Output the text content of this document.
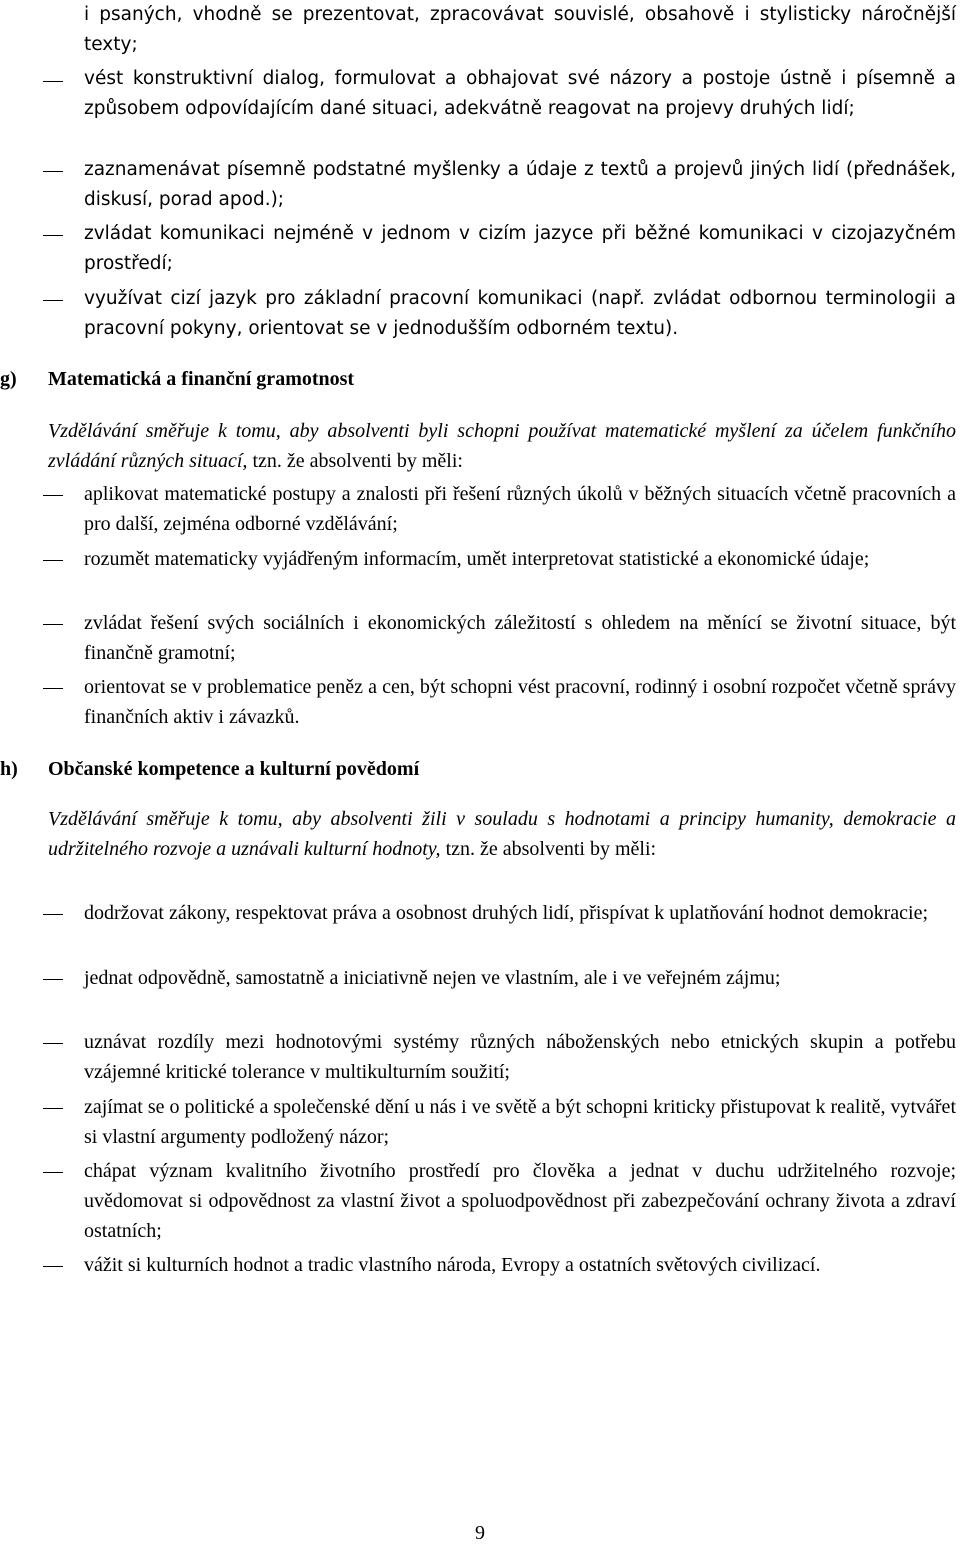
i psaných, vhodně se prezentovat, zpracovávat souvislé, obsahově i stylisticky náročnější texty;
vést konstruktivní dialog, formulovat a obhajovat své názory a postoje ústně i písemně a způsobem odpovídajícím dané situaci, adekvátně reagovat na projevy druhých lidí;
zaznamenávat písemně podstatné myšlenky a údaje z textů a projevů jiných lidí (přednášek, diskusí, porad apod.);
zvládat komunikaci nejméně v jednom v cizím jazyce při běžné komunikaci v cizojazyčném prostředí;
využívat cizí jazyk pro základní pracovní komunikaci (např. zvládat odbornou terminologii a pracovní pokyny, orientovat se v jednodušším odborném textu).
g) Matematická a finanční gramotnost
Vzdělávání směřuje k tomu, aby absolventi byli schopni používat matematické myšlení za účelem funkčního zvládání různých situací, tzn. že absolventi by měli:
aplikovat matematické postupy a znalosti při řešení různých úkolů v běžných situacích včetně pracovních a pro další, zejména odborné vzdělávání;
rozumět matematicky vyjádřeným informacím, umět interpretovat statistické a ekonomické údaje;
zvládat řešení svých sociálních i ekonomických záležitostí s ohledem na měnící se životní situace, být finančně gramotní;
orientovat se v problematice peněz a cen, být schopni vést pracovní, rodinný i osobní rozpočet včetně správy finančních aktiv i závazků.
h) Občanské kompetence a kulturní povědomí
Vzdělávání směřuje k tomu, aby absolventi žili v souladu s hodnotami a principy humanity, demokracie a udržitelného rozvoje a uznávali kulturní hodnoty, tzn. že absolventi by měli:
dodržovat zákony, respektovat práva a osobnost druhých lidí, přispívat k uplatňování hodnot demokracie;
jednat odpovědně, samostatně a iniciativně nejen ve vlastním, ale i ve veřejném zájmu;
uznávat rozdíly mezi hodnotovými systémy různých náboženských nebo etnických skupin a potřebu vzájemné kritické tolerance v multikulturním soužití;
zajímat se o politické a společenské dění u nás i ve světě a být schopni kriticky přistupovat k realitě, vytvářet si vlastní argumenty podložený názor;
chápat význam kvalitního životního prostředí pro člověka a jednat v duchu udržitelného rozvoje; uvědomovat si odpovědnost za vlastní život a spoluodpovědnost při zabezpečování ochrany života a zdraví ostatních;
vážit si kulturních hodnot a tradic vlastního národa, Evropy a ostatních světových civilizací.
9
